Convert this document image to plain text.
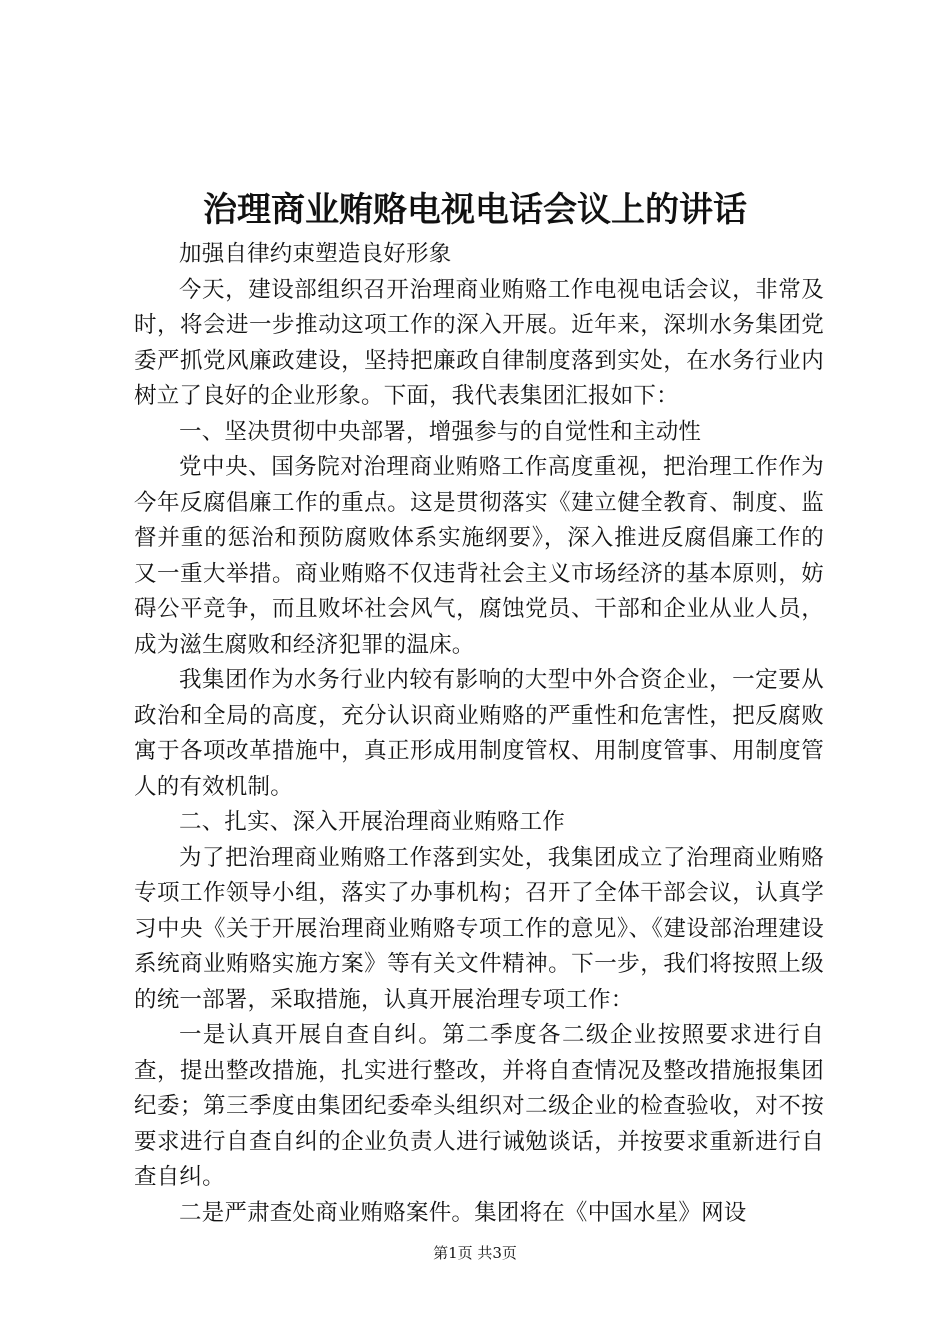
治理商业贿赂电视电话会议上的讲话

加强自律约束塑造良好形象

今天，建设部组织召开治理商业贿赂工作电视电话会议，非常及时，将会进一步推动这项工作的深入开展。近年来，深圳水务集团党委严抓党风廉政建设，坚持把廉政自律制度落到实处，在水务行业内树立了良好的企业形象。下面，我代表集团汇报如下：

一、坚决贯彻中央部署，增强参与的自觉性和主动性

党中央、国务院对治理商业贿赂工作高度重视，把治理工作作为今年反腐倡廉工作的重点。这是贯彻落实《建立健全教育、制度、监督并重的惩治和预防腐败体系实施纲要》，深入推进反腐倡廉工作的又一重大举措。商业贿赂不仅违背社会主义市场经济的基本原则，妨碍公平竞争，而且败坏社会风气，腐蚀党员、干部和企业从业人员，成为滋生腐败和经济犯罪的温床。

我集团作为水务行业内较有影响的大型中外合资企业，一定要从政治和全局的高度，充分认识商业贿赂的严重性和危害性，把反腐败寓于各项改革措施中，真正形成用制度管权、用制度管事、用制度管人的有效机制。

二、扎实、深入开展治理商业贿赂工作

为了把治理商业贿赂工作落到实处，我集团成立了治理商业贿赂专项工作领导小组，落实了办事机构；召开了全体干部会议，认真学习中央《关于开展治理商业贿赂专项工作的意见》、《建设部治理建设系统商业贿赂实施方案》等有关文件精神。下一步，我们将按照上级的统一部署，采取措施，认真开展治理专项工作：

一是认真开展自查自纠。第二季度各二级企业按照要求进行自查，提出整改措施，扎实进行整改，并将自查情况及整改措施报集团纪委；第三季度由集团纪委牵头组织对二级企业的检查验收，对不按要求进行自查自纠的企业负责人进行诫勉谈话，并按要求重新进行自查自纠。

二是严肃查处商业贿赂案件。集团将在《中国水星》网设

第1页 共3页
